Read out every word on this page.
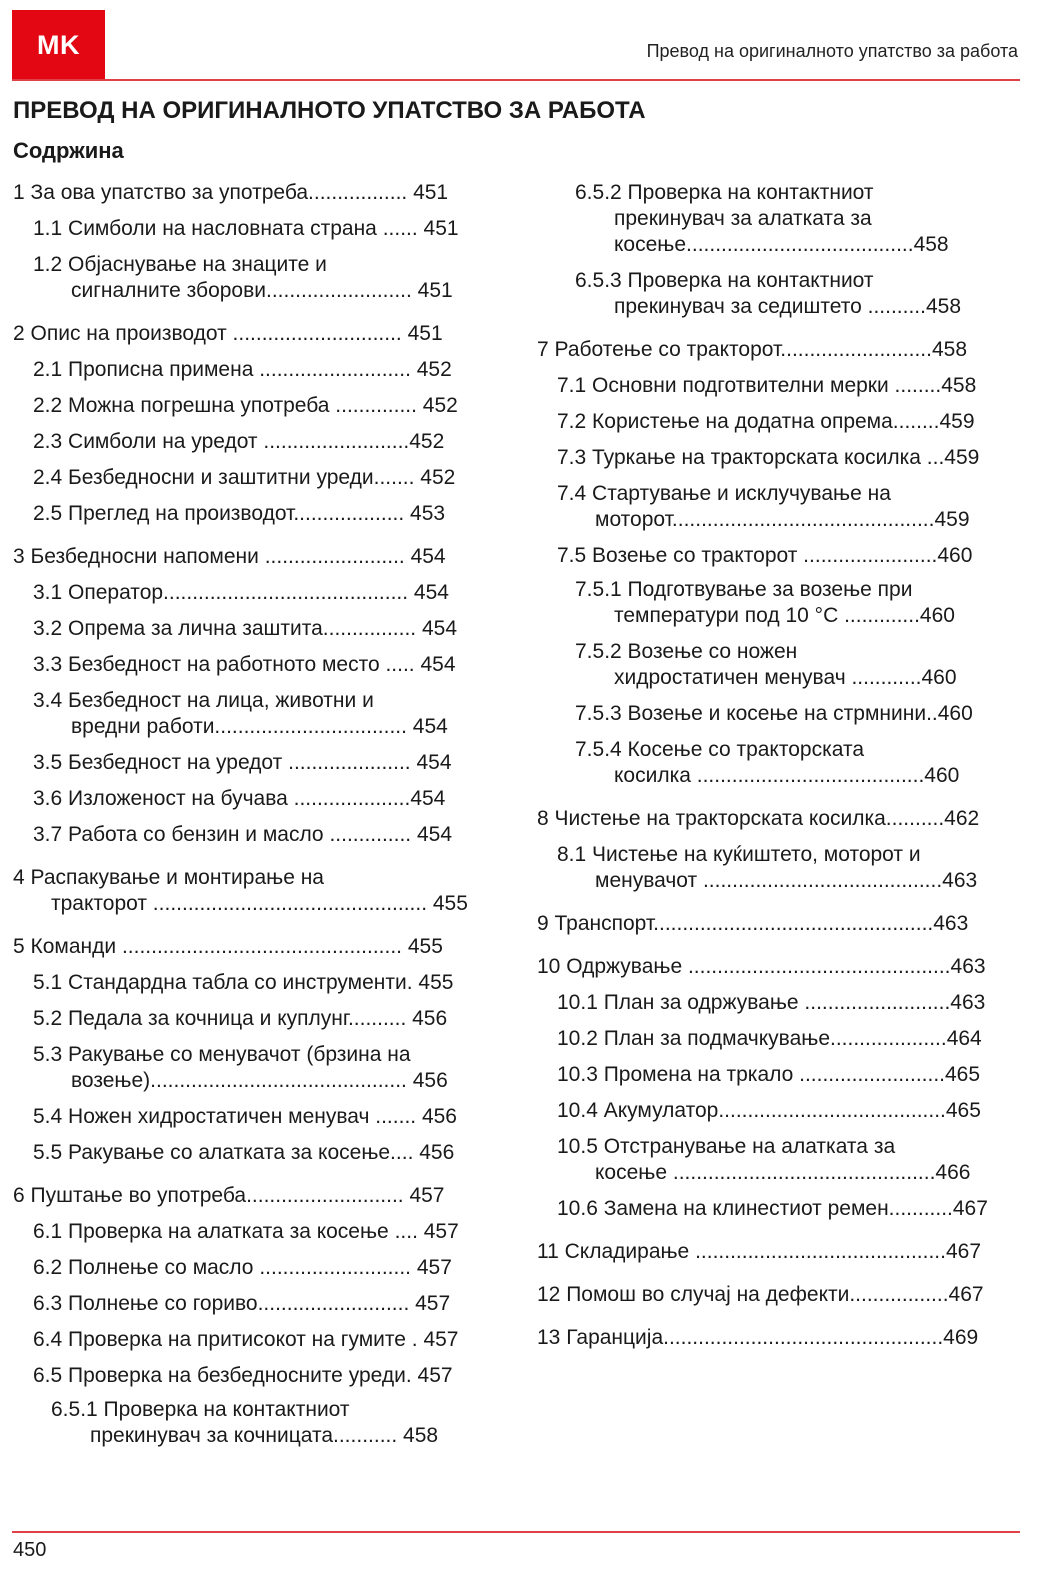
MK	Превод на оригиналното упатство за работа
ПРЕВОД НА ОРИГИНАЛНОТО УПАТСТВО ЗА РАБОТА
Содржина
1 За ова упатство за употреба................. 451
1.1 Симболи на насловната страна ...... 451
1.2 Објаснување на знаците и
сигналните зборови......................... 451
2 Опис на производот ............................. 451
2.1 Прописна примена .......................... 452
2.2 Можна погрешна употреба .............. 452
2.3 Симболи на уредот .........................452
2.4 Безбедносни и заштитни уреди....... 452
2.5 Преглед на производот................... 453
3 Безбедносни напомени ........................ 454
3.1 Оператор.......................................... 454
3.2 Опрема за лична заштита................ 454
3.3 Безбедност на работното место ..... 454
3.4 Безбедност на лица, животни и
вредни работи................................. 454
3.5 Безбедност на уредот ..................... 454
3.6 Изложеност на бучава ....................454
3.7 Работа со бензин и масло .............. 454
4 Распакување и монтирање на
тракторот ............................................... 455
5 Команди ................................................ 455
5.1 Стандардна табла со инструменти. 455
5.2 Педала за кочница и куплунг.......... 456
5.3 Ракување со менувачот (брзина на
возење)............................................ 456
5.4 Ножен хидростатичен менувач ....... 456
5.5 Ракување со алатката за косење.... 456
6 Пуштање во употреба........................... 457
6.1 Проверка на алатката за косење .... 457
6.2 Полнење со масло .......................... 457
6.3 Полнење со гориво.......................... 457
6.4 Проверка на притисокот на гумите . 457
6.5 Проверка на безбедносните уреди. 457
6.5.1 Проверка на контактниот
прекинувач за кочницата........... 458
6.5.2 Проверка на контактниот
прекинувач за алатката за
косење.......................................458
6.5.3 Проверка на контактниот
прекинувач за седиштето ..........458
7 Работење со тракторот..........................458
7.1 Основни подготвителни мерки ........458
7.2 Користење на додатна опрема........459
7.3 Туркање на тракторската косилка ...459
7.4 Стартување и исклучување на
моторот.............................................459
7.5 Возење со тракторот .......................460
7.5.1 Подготвување за возење при
температури под 10 °C .............460
7.5.2 Возење со ножен
хидростатичен менувач ............460
7.5.3 Возење и косење на стрмнини..460
7.5.4 Косење со тракторската
косилка .......................................460
8 Чистење на тракторската косилка..........462
8.1 Чистење на куќиштето, моторот и
менувачот .........................................463
9 Транспорт................................................463
10 Одржување .............................................463
10.1 План за одржување .........................463
10.2 План за подмачкување....................464
10.3 Промена на тркало .........................465
10.4 Акумулатор.......................................465
10.5 Отстранување на алатката за
косење .............................................466
10.6 Замена на клинестиот ремен...........467
11 Складирање ...........................................467
12 Помош во случај на дефекти.................467
13 Гаранција................................................469
450
